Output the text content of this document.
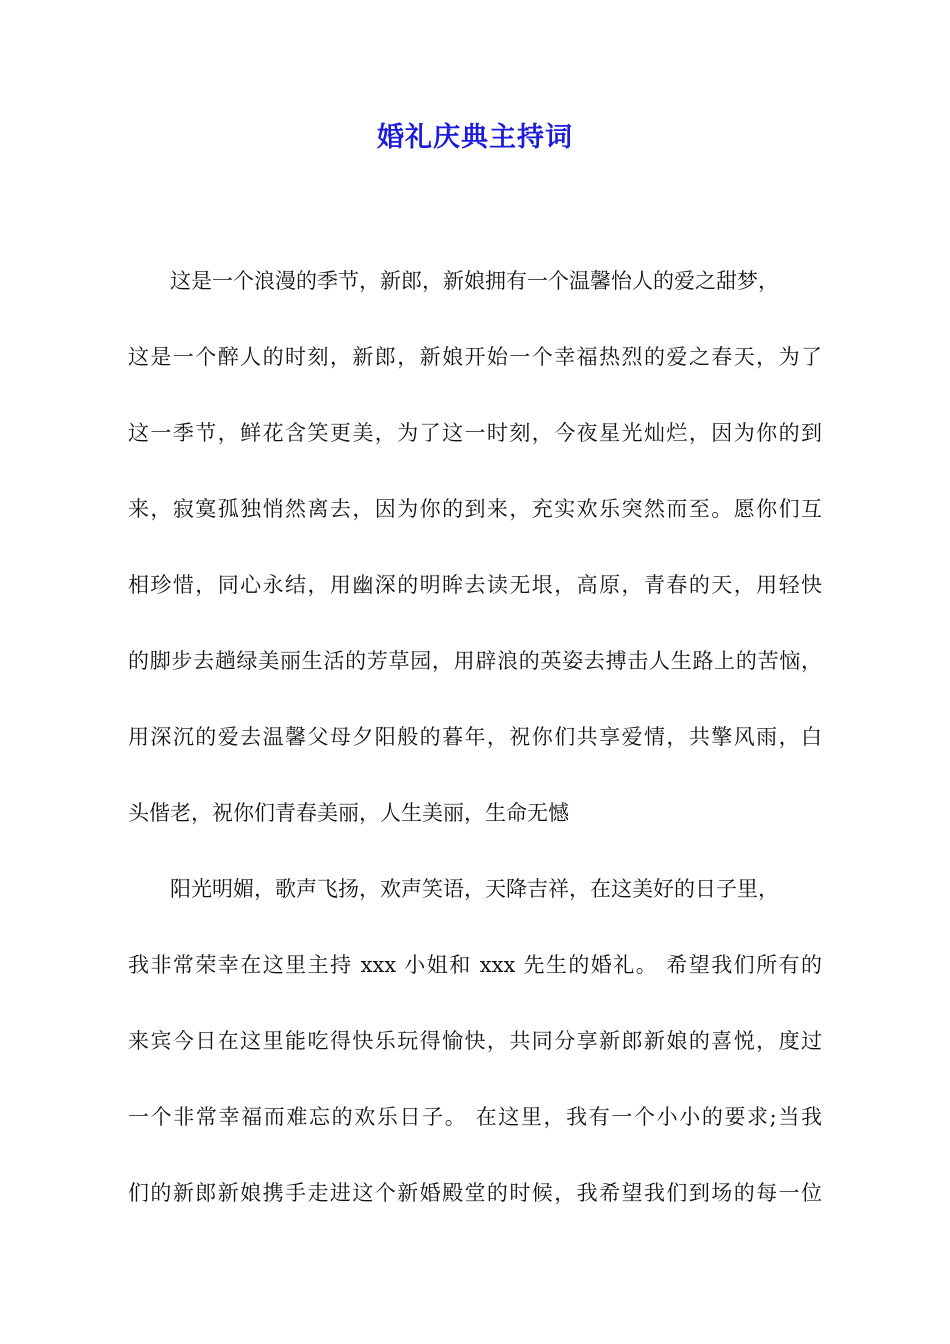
婚礼庆典主持词
这是一个浪漫的季节，新郎，新娘拥有一个温馨怡人的爱之甜梦，
这是一个醉人的时刻，新郎，新娘开始一个幸福热烈的爱之春天，为了
这一季节，鲜花含笑更美，为了这一时刻，今夜星光灿烂，因为你的到
来，寂寞孤独悄然离去，因为你的到来，充实欢乐突然而至。愿你们互
相珍惜，同心永结，用幽深的明眸去读无垠，高原，青春的天，用轻快
的脚步去趟绿美丽生活的芳草园，用辟浪的英姿去搏击人生路上的苦恼，
用深沉的爱去温馨父母夕阳般的暮年，祝你们共享爱情，共擎风雨，白
头偕老，祝你们青春美丽，人生美丽，生命无憾
阳光明媚，歌声飞扬，欢声笑语，天降吉祥，在这美好的日子里，
我非常荣幸在这里主持 xxx 小姐和 xxx 先生的婚礼。 希望我们所有的
来宾今日在这里能吃得快乐玩得愉快，共同分享新郎新娘的喜悦，度过
一个非常幸福而难忘的欢乐日子。 在这里，我有一个小小的要求;当我
们的新郎新娘携手走进这个新婚殿堂的时候，我希望我们到场的每一位
